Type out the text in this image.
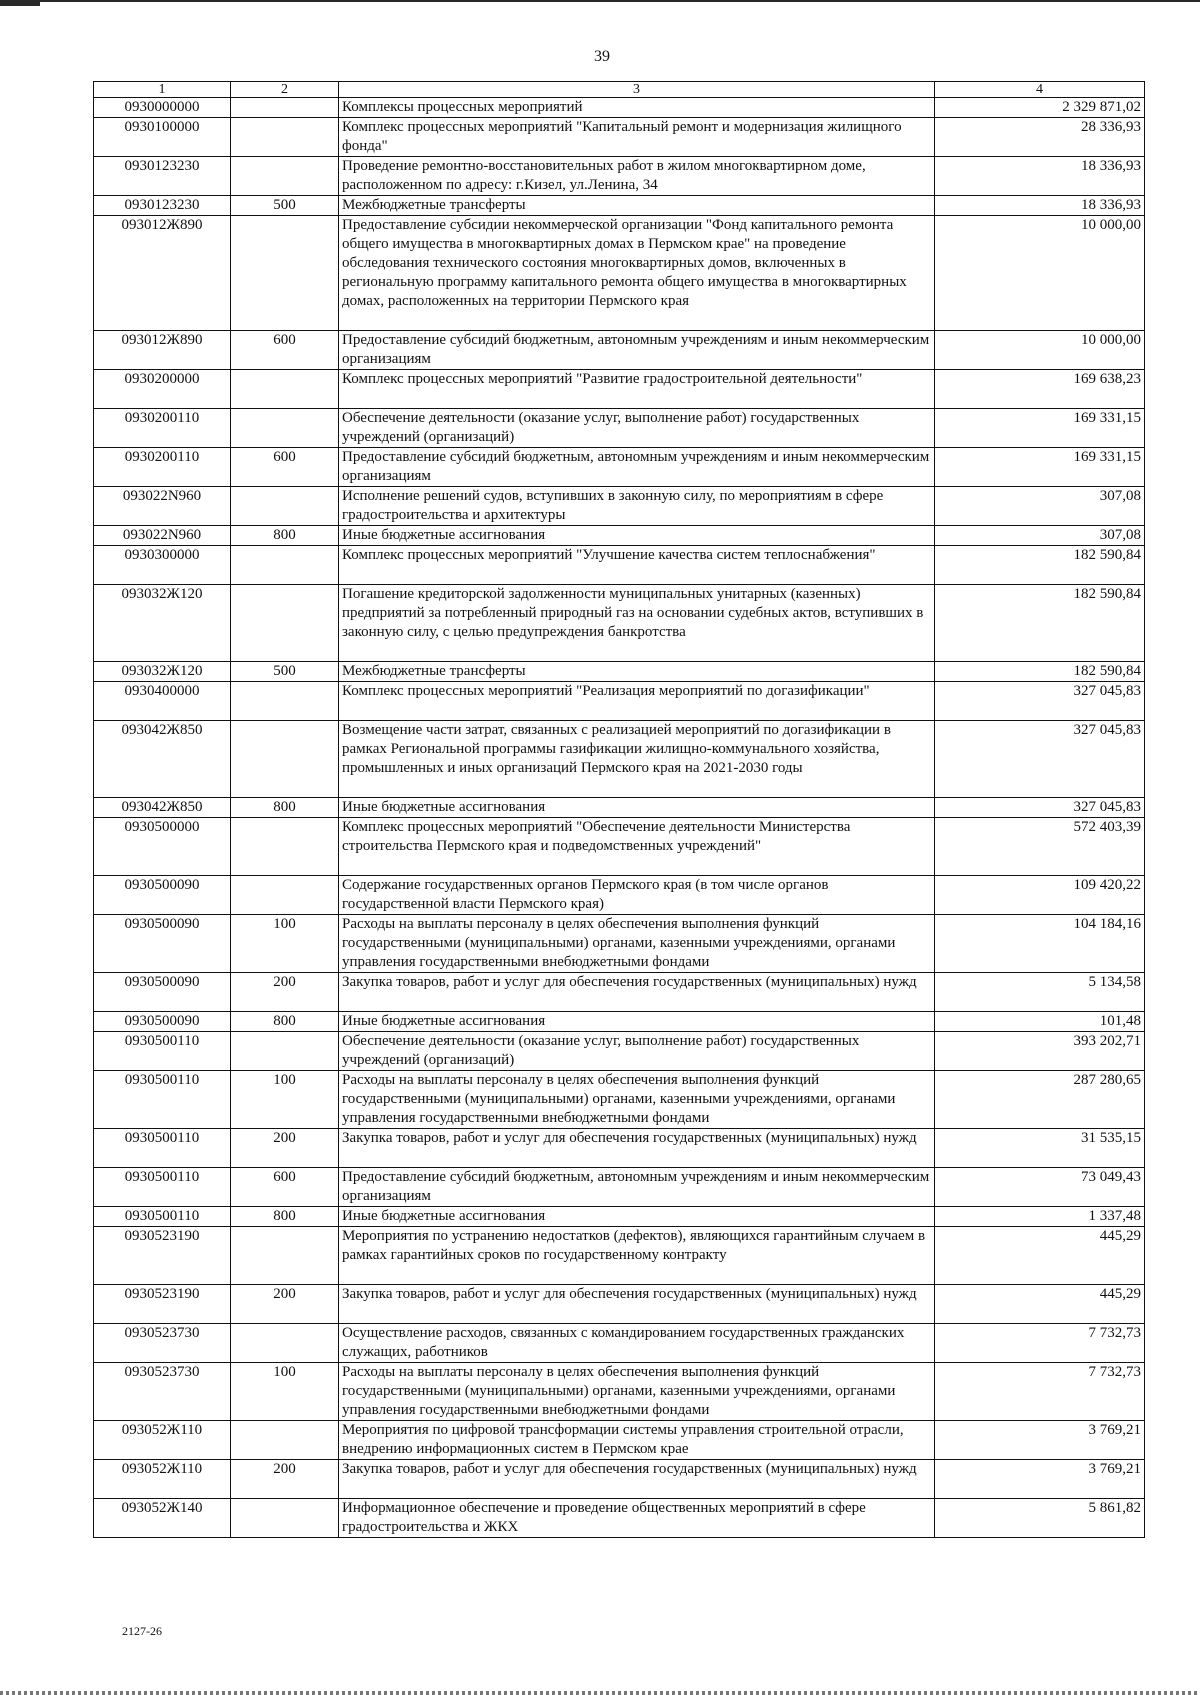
39
1	2	3	4
0930000000		Комплексы процессных мероприятий	2 329 871,02
0930100000		Комплекс процессных мероприятий "Капитальный ремонт и модернизация жилищного фонда"	28 336,93
0930123230		Проведение ремонтно-восстановительных работ в жилом многоквартирном доме, расположенном по адресу: г.Кизел, ул.Ленина, 34	18 336,93
0930123230	500	Межбюджетные трансферты	18 336,93
093012Ж890		Предоставление субсидии некоммерческой организации "Фонд капитального ремонта общего имущества в многоквартирных домах в Пермском крае" на проведение обследования технического состояния многоквартирных домов, включенных в региональную программу капитального ремонта общего имущества в многоквартирных домах, расположенных на территории Пермского края	10 000,00
093012Ж890	600	Предоставление субсидий бюджетным, автономным учреждениям и иным некоммерческим организациям	10 000,00
0930200000		Комплекс процессных мероприятий "Развитие градостроительной деятельности"	169 638,23
0930200110		Обеспечение деятельности (оказание услуг, выполнение работ) государственных учреждений (организаций)	169 331,15
0930200110	600	Предоставление субсидий бюджетным, автономным учреждениям и иным некоммерческим организациям	169 331,15
093022N960		Исполнение решений судов, вступивших в законную силу, по мероприятиям в сфере градостроительства и архитектуры	307,08
093022N960	800	Иные бюджетные ассигнования	307,08
0930300000		Комплекс процессных мероприятий "Улучшение качества систем теплоснабжения"	182 590,84
093032Ж120		Погашение кредиторской задолженности муниципальных унитарных (казенных) предприятий за потребленный природный газ на основании судебных актов, вступивших в законную силу, с целью предупреждения банкротства	182 590,84
093032Ж120	500	Межбюджетные трансферты	182 590,84
0930400000		Комплекс процессных мероприятий "Реализация мероприятий по догазификации"	327 045,83
093042Ж850		Возмещение части затрат, связанных с реализацией мероприятий по догазификации в рамках Региональной программы газификации жилищно-коммунального хозяйства, промышленных и иных организаций Пермского края на 2021-2030 годы	327 045,83
093042Ж850	800	Иные бюджетные ассигнования	327 045,83
0930500000		Комплекс процессных мероприятий "Обеспечение деятельности Министерства строительства Пермского края и подведомственных учреждений"	572 403,39
0930500090		Содержание государственных органов Пермского края (в том числе органов государственной власти Пермского края)	109 420,22
0930500090	100	Расходы на выплаты персоналу в целях обеспечения выполнения функций государственными (муниципальными) органами, казенными учреждениями, органами управления государственными внебюджетными фондами	104 184,16
0930500090	200	Закупка товаров, работ и услуг для обеспечения государственных (муниципальных) нужд	5 134,58
0930500090	800	Иные бюджетные ассигнования	101,48
0930500110		Обеспечение деятельности (оказание услуг, выполнение работ) государственных учреждений (организаций)	393 202,71
0930500110	100	Расходы на выплаты персоналу в целях обеспечения выполнения функций государственными (муниципальными) органами, казенными учреждениями, органами управления государственными внебюджетными фондами	287 280,65
0930500110	200	Закупка товаров, работ и услуг для обеспечения государственных (муниципальных) нужд	31 535,15
0930500110	600	Предоставление субсидий бюджетным, автономным учреждениям и иным некоммерческим организациям	73 049,43
0930500110	800	Иные бюджетные ассигнования	1 337,48
0930523190		Мероприятия по устранению недостатков (дефектов), являющихся гарантийным случаем в рамках гарантийных сроков по государственному контракту	445,29
0930523190	200	Закупка товаров, работ и услуг для обеспечения государственных (муниципальных) нужд	445,29
0930523730		Осуществление расходов, связанных с командированием государственных гражданских служащих, работников	7 732,73
0930523730	100	Расходы на выплаты персоналу в целях обеспечения выполнения функций государственными (муниципальными) органами, казенными учреждениями, органами управления государственными внебюджетными фондами	7 732,73
093052Ж110		Мероприятия по цифровой трансформации системы управления строительной отрасли, внедрению информационных систем в Пермском крае	3 769,21
093052Ж110	200	Закупка товаров, работ и услуг для обеспечения государственных (муниципальных) нужд	3 769,21
093052Ж140		Информационное обеспечение и проведение общественных мероприятий в сфере градостроительства и ЖКХ	5 861,82
2127-26
